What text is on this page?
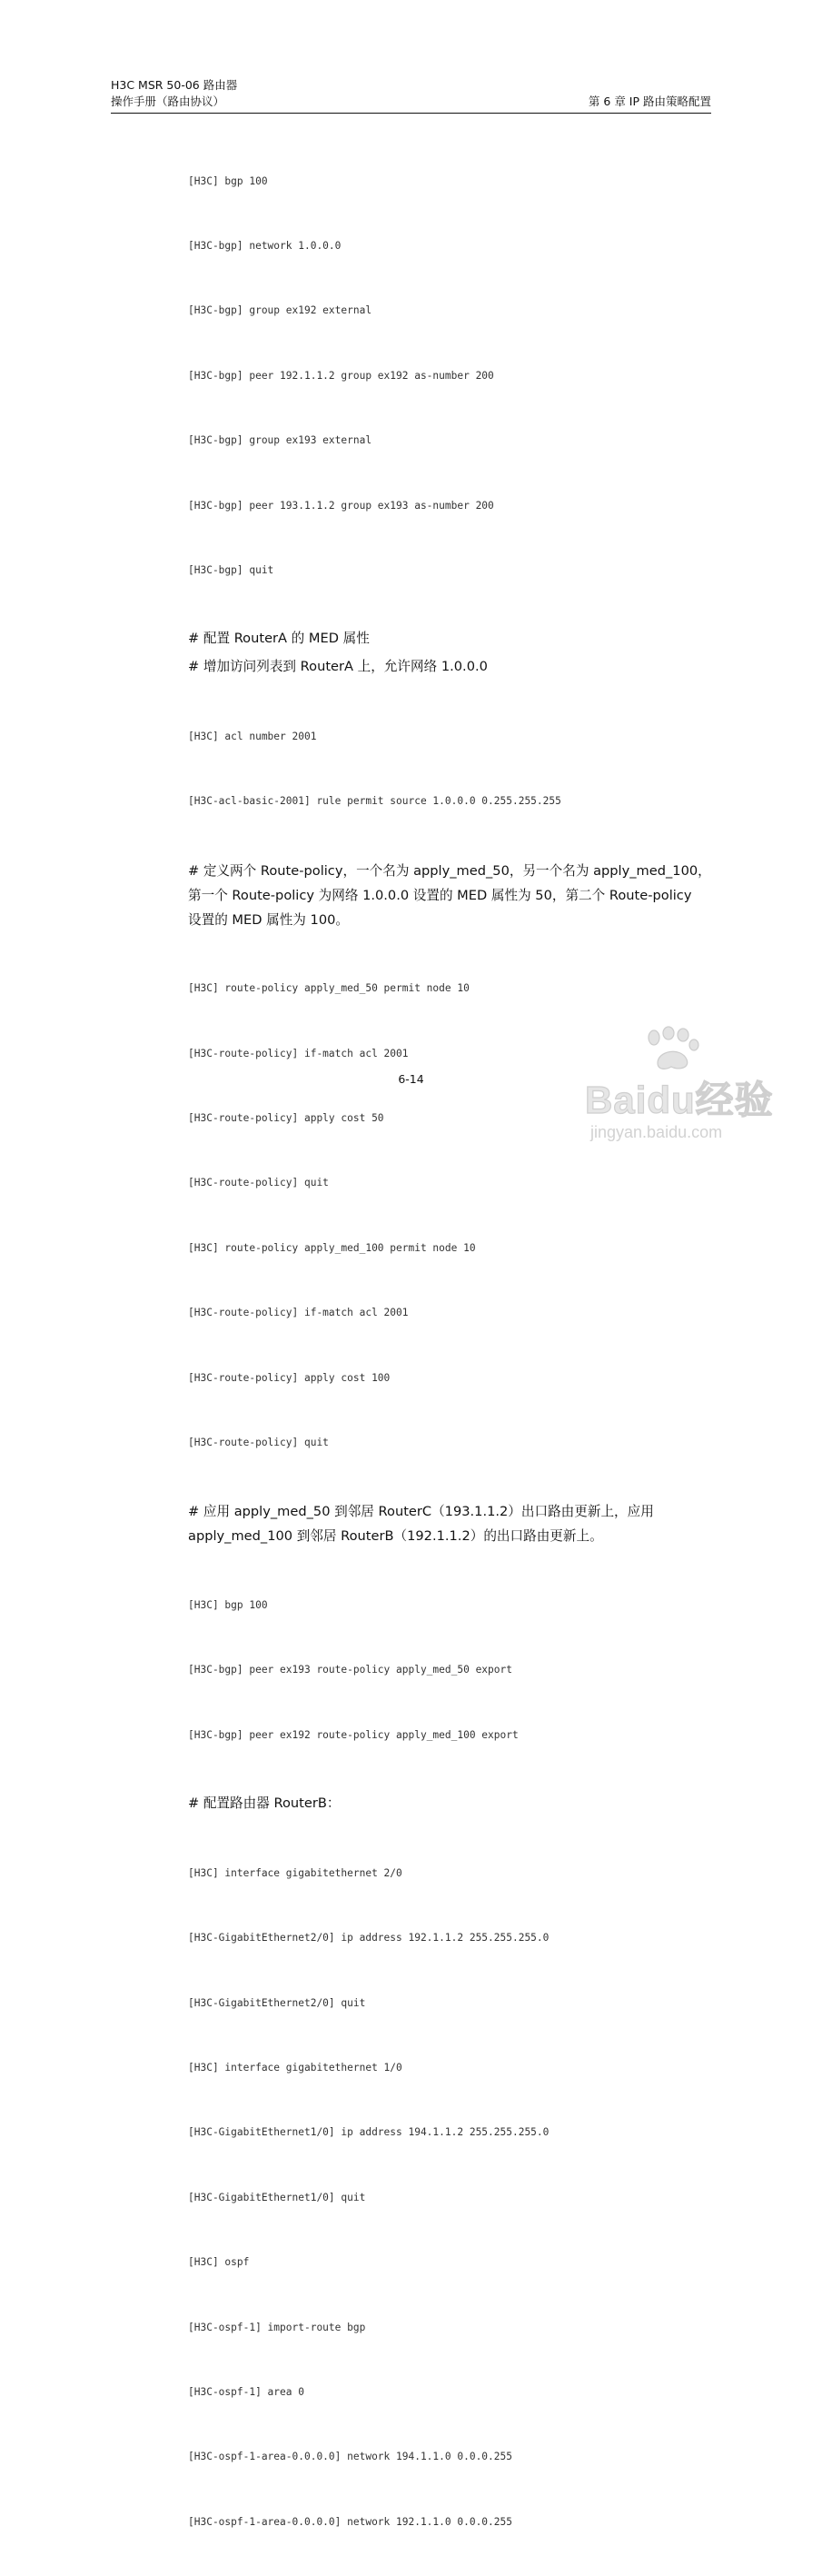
H3C MSR 50-06 路由器
操作手册（路由协议）	第 6 章 IP 路由策略配置

[H3C] bgp 100

[H3C-bgp] network 1.0.0.0

[H3C-bgp] group ex192 external

[H3C-bgp] peer 192.1.1.2 group ex192 as-number 200

[H3C-bgp] group ex193 external

[H3C-bgp] peer 193.1.1.2 group ex193 as-number 200

[H3C-bgp] quit

# 配置 RouterA 的 MED 属性
# 增加访问列表到 RouterA 上，允许网络 1.0.0.0

[H3C] acl number 2001

[H3C-acl-basic-2001] rule permit source 1.0.0.0 0.255.255.255

# 定义两个 Route-policy，一个名为 apply_med_50，另一个名为 apply_med_100，
第一个 Route-policy 为网络 1.0.0.0 设置的 MED 属性为 50，第二个 Route-policy
设置的 MED 属性为 100。

[H3C] route-policy apply_med_50 permit node 10

[H3C-route-policy] if-match acl 2001

[H3C-route-policy] apply cost 50

[H3C-route-policy] quit

[H3C] route-policy apply_med_100 permit node 10

[H3C-route-policy] if-match acl 2001

[H3C-route-policy] apply cost 100

[H3C-route-policy] quit

# 应用 apply_med_50 到邻居 RouterC（193.1.1.2）出口路由更新上，应用
apply_med_100 到邻居 RouterB（192.1.1.2）的出口路由更新上。

[H3C] bgp 100

[H3C-bgp] peer ex193 route-policy apply_med_50 export

[H3C-bgp] peer ex192 route-policy apply_med_100 export

# 配置路由器 RouterB：

[H3C] interface gigabitethernet 2/0

[H3C-GigabitEthernet2/0] ip address 192.1.1.2 255.255.255.0

[H3C-GigabitEthernet2/0] quit

[H3C] interface gigabitethernet 1/0

[H3C-GigabitEthernet1/0] ip address 194.1.1.2 255.255.255.0

[H3C-GigabitEthernet1/0] quit

[H3C] ospf

[H3C-ospf-1] import-route bgp

[H3C-ospf-1] area 0

[H3C-ospf-1-area-0.0.0.0] network 194.1.1.0 0.0.0.255

[H3C-ospf-1-area-0.0.0.0] network 192.1.1.0 0.0.0.255

6-14	Baidu经验
jingyan.baidu.com
